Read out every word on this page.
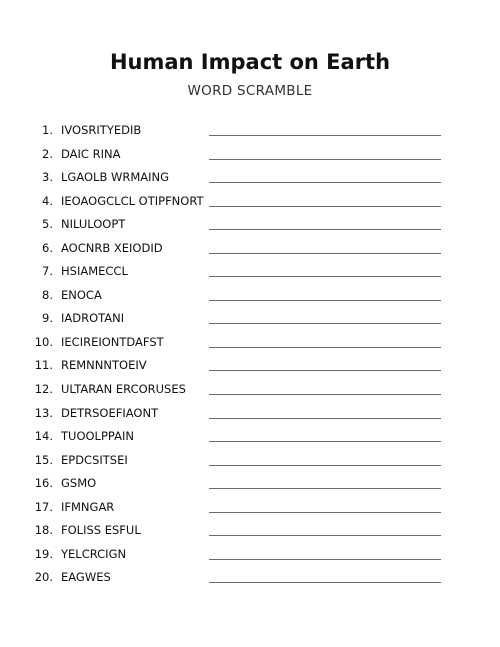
Human Impact on Earth
WORD SCRAMBLE
1. IVOSRITYEDIB
2. DAIC RINA
3. LGAOLB WRMAING
4. IEOAOGCLCL OTIPFNORT
5. NILULOOPT
6. AOCNRB XEIODID
7. HSIAMECCL
8. ENOCA
9. IADROTANI
10. IECIREIONTDAFST
11. REMNNNTOEIV
12. ULTARAN ERCORUSES
13. DETRSOEFIAONT
14. TUOOLPPAIN
15. EPDCSITSEI
16. GSMO
17. IFMNGAR
18. FOLISS ESFUL
19. YELCRCIGN
20. EAGWES
